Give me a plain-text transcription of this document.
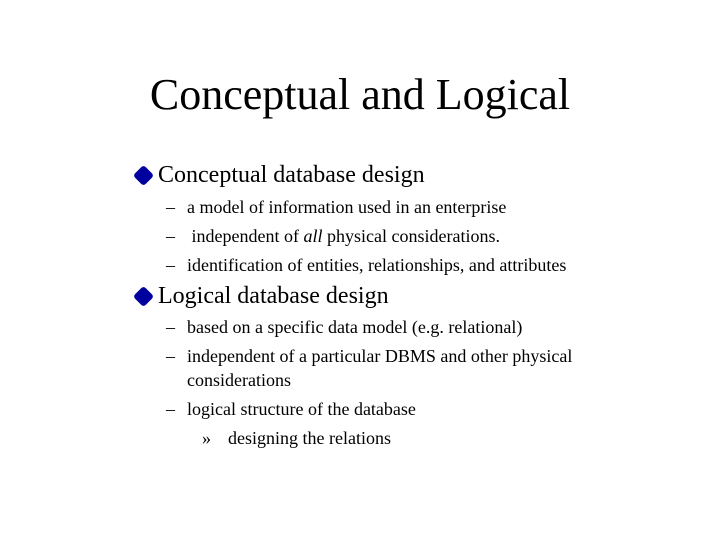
Conceptual and Logical
Conceptual database design
– a model of information used in an enterprise
– independent of all physical considerations.
– identification of entities, relationships, and attributes
Logical database design
– based on a specific data model (e.g. relational)
– independent of a particular DBMS and other physical
considerations
– logical structure of the database
» designing the relations
